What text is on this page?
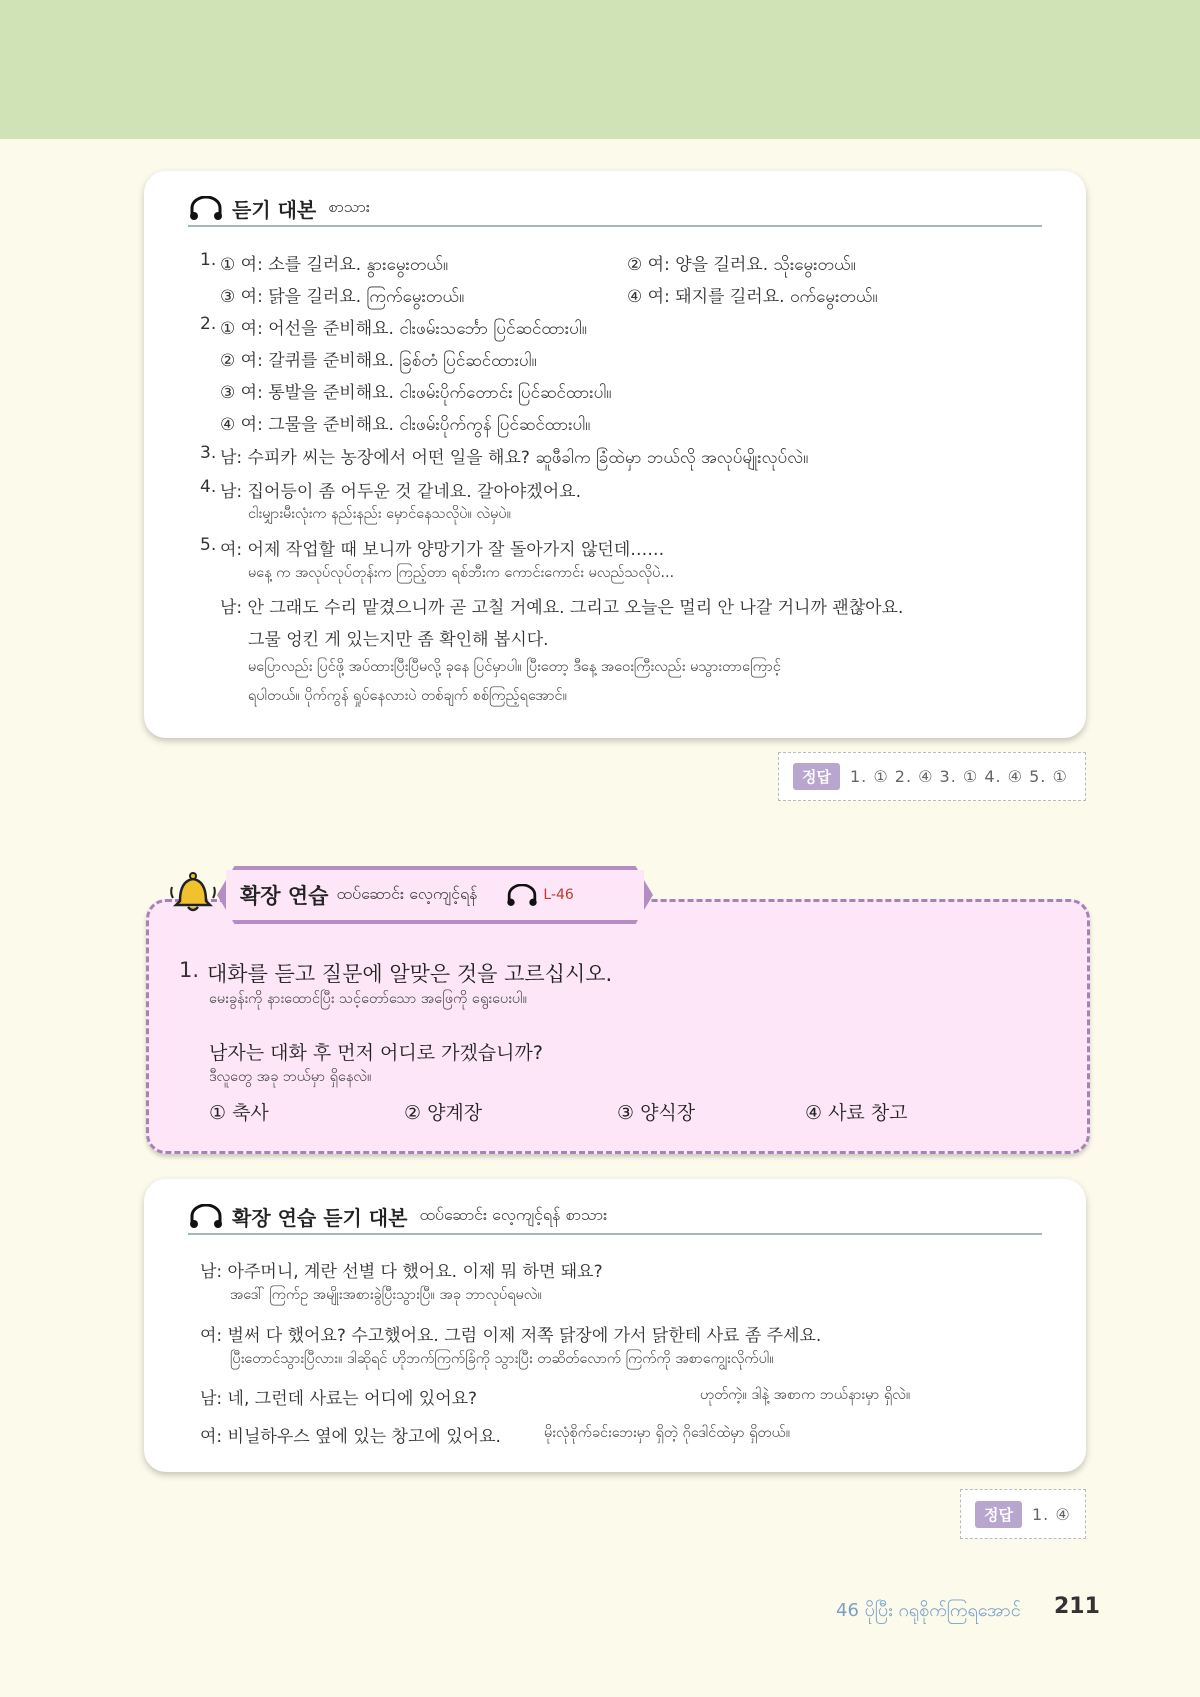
듣기 대본 စာသား
1. ① 여: 소를 길러요. နွားမွေးတယ်။	② 여: 양을 길러요. သိုးမွေးတယ်။
③ 여: 닭을 길러요. ကြက်မွေးတယ်။	④ 여: 돼지를 길러요. ဝက်မွေးတယ်။
2. ① 여: 어선을 준비해요. ငါးဖမ်းသင်္ဘော ပြင်ဆင်ထားပါ။
② 여: 갈퀴를 준비해요. ခြစ်တံ ပြင်ဆင်ထားပါ။
③ 여: 통발을 준비해요. ငါးဖမ်းပိုက်တောင်း ပြင်ဆင်ထားပါ။
④ 여: 그물을 준비해요. ငါးဖမ်းပိုက်ကွန် ပြင်ဆင်ထားပါ။
3. 남: 수피카 씨는 농장에서 어떤 일을 해요? ဆူဖီခါက ခြံထဲမှာ ဘယ်လို အလုပ်မျိုးလုပ်လဲ။
4. 남: 집어등이 좀 어두운 것 같네요. 갈아야겠어요.
ငါးမျှားမီးလုံးက နည်းနည်း မှောင်နေသလိုပဲ။ လဲမှပဲ။
5. 여: 어제 작업할 때 보니까 양망기가 잘 돌아가지 않던데……
မနေ့ က အလုပ်လုပ်တုန်းက ကြည့်တာ ရစ်ဘီးက ကောင်းကောင်း မလည်သလိုပဲ...
남: 안 그래도 수리 맡겼으니까 곧 고칠 거예요. 그리고 오늘은 멀리 안 나갈 거니까 괜찮아요.
그물 엉킨 게 있는지만 좀 확인해 봅시다.
မပြောလည်း ပြင်ဖို့ အပ်ထားပြီးပြီမလို့ ခုနေ ပြင်မှာပါ။ ပြီးတော့ ဒီနေ့ အဝေးကြီးလည်း မသွားတာကြောင့်
ရပါတယ်။ ပိုက်ကွန် ရှုပ်နေလားပဲ တစ်ချက် စစ်ကြည့်ရအောင်။
정답	1. ① 2. ④ 3. ① 4. ④ 5. ①
1. 대화를 듣고 질문에 알맞은 것을 고르십시오.
မေးခွန်းကို နားထောင်ပြီး သင့်တော်သော အဖြေကို ရွေးပေးပါ။
남자는 대화 후 먼저 어디로 가겠습니까?
ဒီလူတွေ အခု ဘယ်မှာ ရှိနေလဲ။
① 축사	② 양계장	③ 양식장	④ 사료 창고
확장 연습 ထပ်ဆောင်း လေ့ကျင့်ရန်	L-46
확장 연습 듣기 대본 ထပ်ဆောင်း လေ့ကျင့်ရန် စာသား
남: 아주머니, 계란 선별 다 했어요. 이제 뭐 하면 돼요?
အဒေါ် ကြက်ဥ အမျိုးအစားခွဲပြီးသွားပြီ။ အခု ဘာလုပ်ရမလဲ။
여: 벌써 다 했어요? 수고했어요. 그럼 이제 저쪽 닭장에 가서 닭한테 사료 좀 주세요.
ပြီးတောင်သွားပြီလား။ ဒါဆိုရင် ဟိုဘက်ကြက်ခြံကို သွားပြီး တဆိတ်လောက် ကြက်ကို အစာကျွေးလိုက်ပါ။
남: 네, 그런데 사료는 어디에 있어요?	ဟုတ်ကဲ့။ ဒါနဲ့ အစာက ဘယ်နားမှာ ရှိလဲ။
여: 비닐하우스 옆에 있는 창고에 있어요.	မိုးလုံစိုက်ခင်းဘေးမှာ ရှိတဲ့ ဂိုဒေါင်ထဲမှာ ရှိတယ်။
정답	1. ④
46 ပိုပြီး ဂရုစိုက်ကြရအောင် 211
